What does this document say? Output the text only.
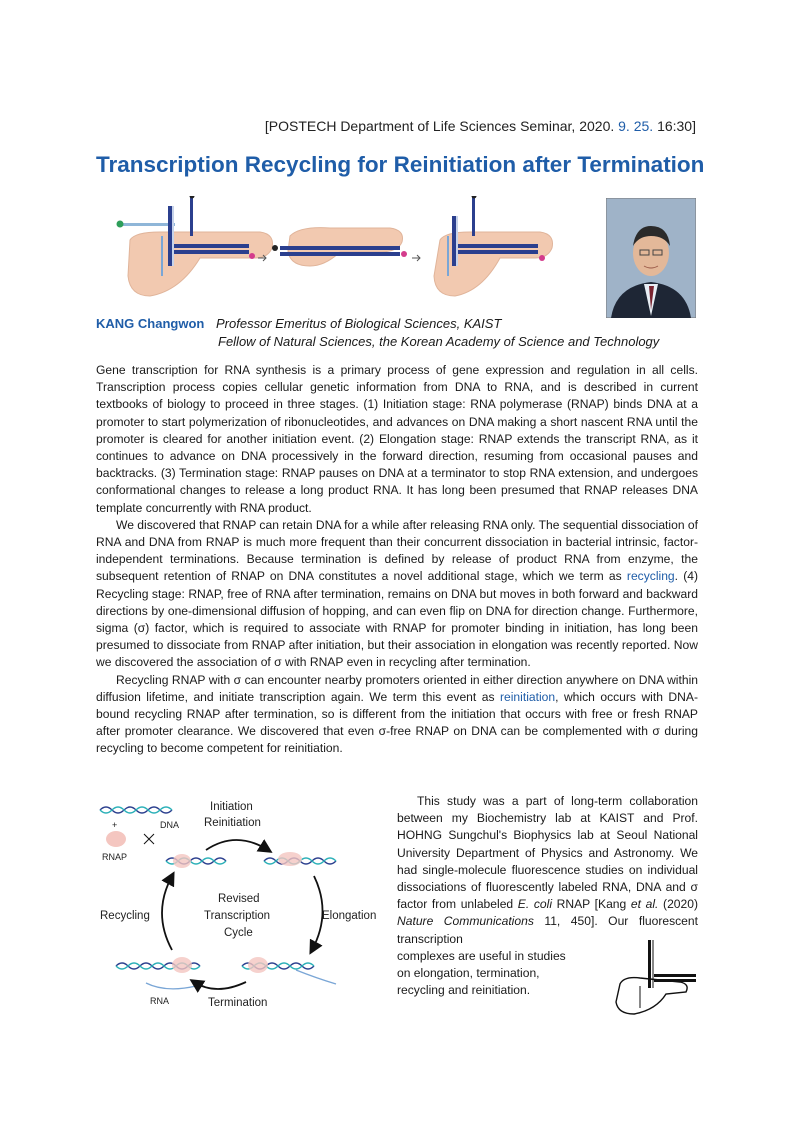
[POSTECH Department of Life Sciences Seminar, 2020. 9. 25. 16:30]
Transcription Recycling for Reinitiation after Termination
KANG Changwon Professor Emeritus of Biological Sciences, KAIST
Fellow of Natural Sciences, the Korean Academy of Science and Technology

Gene transcription for RNA synthesis is a primary process of gene expression and regulation in all cells. Transcription process copies cellular genetic information from DNA to RNA, and is described in current textbooks of biology to proceed in three stages. (1) Initiation stage: RNA polymerase (RNAP) binds DNA at a promoter to start polymerization of ribonucleotides, and advances on DNA making a short nascent RNA until the promoter is cleared for another initiation event. (2) Elongation stage: RNAP extends the transcript RNA, as it continues to advance on DNA processively in the forward direction, resuming from occasional pauses and backtracks. (3) Termination stage: RNAP pauses on DNA at a terminator to stop RNA extension, and undergoes conformational changes to release a long product RNA. It has long been presumed that RNAP releases DNA template concurrently with RNA product.

We discovered that RNAP can retain DNA for a while after releasing RNA only. The sequential dissociation of RNA and DNA from RNAP is much more frequent than their concurrent dissociation in bacterial intrinsic, factor-independent terminations. Because termination is defined by release of product RNA from enzyme, the subsequent retention of RNAP on DNA constitutes a novel additional stage, which we term as recycling. (4) Recycling stage: RNAP, free of RNA after termination, remains on DNA but moves in both forward and backward directions by one-dimensional diffusion of hopping, and can even flip on DNA for direction change. Furthermore, sigma (σ) factor, which is required to associate with RNAP for promoter binding in initiation, has long been presumed to dissociate from RNAP after initiation, but their association in elongation was recently reported. Now we discovered the association of σ with RNAP even in recycling after termination.

Recycling RNAP with σ can encounter nearby promoters oriented in either direction anywhere on DNA within diffusion lifetime, and initiate transcription again. We term this event as reinitiation, which occurs with DNA-bound recycling RNAP after termination, so is different from the initiation that occurs with free or fresh RNAP after promoter clearance. We discovered that even σ-free RNAP on DNA can be complemented with σ during recycling to become competent for reinitiation.

+	DNA
RNAP
Initiation
Reinitiation
RNA
Revised
Transcription
Cycle
Elongation
Recycling
Termination

This study was a part of long-term collaboration between my Biochemistry lab at KAIST and Prof. HOHNG Sungchul's Biophysics lab at Seoul National University Department of Physics and Astronomy. We had single-molecule fluorescence studies on individual dissociations of fluorescently labeled RNA, DNA and σ factor from unlabeled E. coli RNAP [Kang et al. (2020) Nature Communications 11, 450]. Our fluorescent transcription

complexes are useful in studies on elongation, termination, recycling and reinitiation.
